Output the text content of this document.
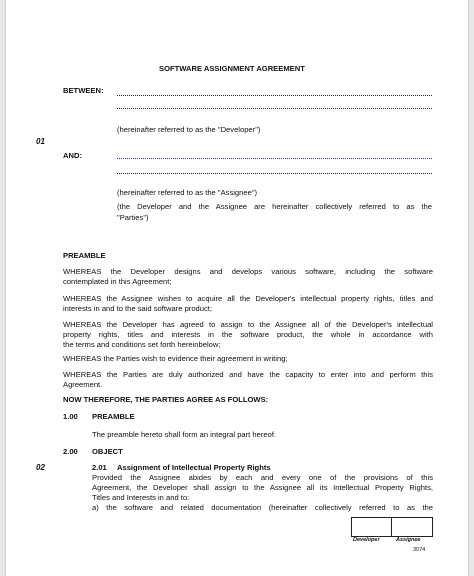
SOFTWARE ASSIGNMENT AGREEMENT
BETWEEN:
(hereinafter referred to as the "Developer")
01
AND:
(hereinafter referred to as the "Assignee")
(the Developer and the Assignee are hereinafter collectively referred to as the
"Parties")
PREAMBLE
WHEREAS the Developer designs and develops various software, including the software
contemplated in this Agreement;
WHEREAS the Assignee wishes to acquire all the Developer's intellectual property rights, titles and
interests in and to the said software product;
WHEREAS the Developer has agreed to assign to the Assignee all of the Developer's intellectual
property rights, titles and interests in the software product, the whole in accordance with
the terms and conditions set forth hereinbelow;
WHEREAS the Parties wish to evidence their agreement in writing;
WHEREAS the Parties are duly authorized and have the capacity to enter into and perform this
Agreement.
NOW THEREFORE, THE PARTIES AGREE AS FOLLOWS:
1.00 PREAMBLE
The preamble hereto shall form an integral part hereof.
2.00 OBJECT
02	2.01 Assignment of Intellectual Property Rights
Provided the Assignee abides by each and every one of the provisions of this
Agreement, the Developer shall assign to the Assignee all its Intellectual Property Rights,
Titles and Interests in and to:
a) the software and related documentation (hereinafter collectively referred to as the
Developer	Assignee
3074
